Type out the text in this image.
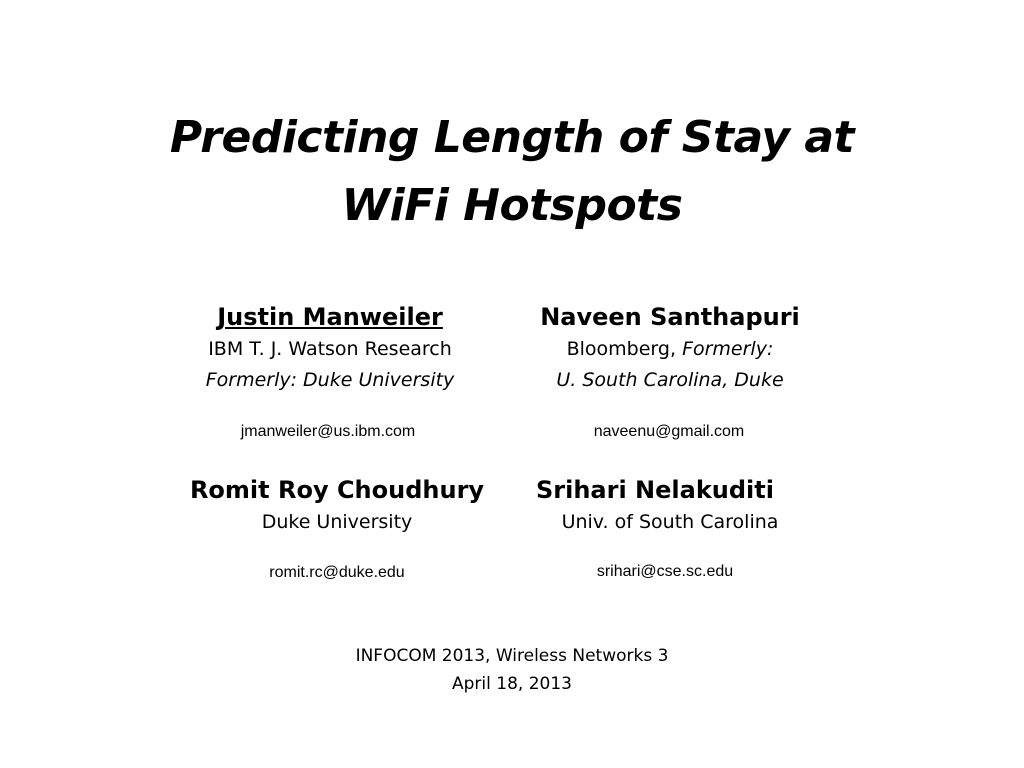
Predicting Length of Stay at
WiFi Hotspots
Justin Manweiler
IBM T. J. Watson Research
Formerly: Duke University
jmanweiler@us.ibm.com
Naveen Santhapuri
Bloomberg, Formerly:
U. South Carolina, Duke
naveenu@gmail.com
Romit Roy Choudhury
Duke University
romit.rc@duke.edu
Srihari Nelakuditi
Univ. of South Carolina
srihari@cse.sc.edu
INFOCOM 2013, Wireless Networks 3
April 18, 2013
